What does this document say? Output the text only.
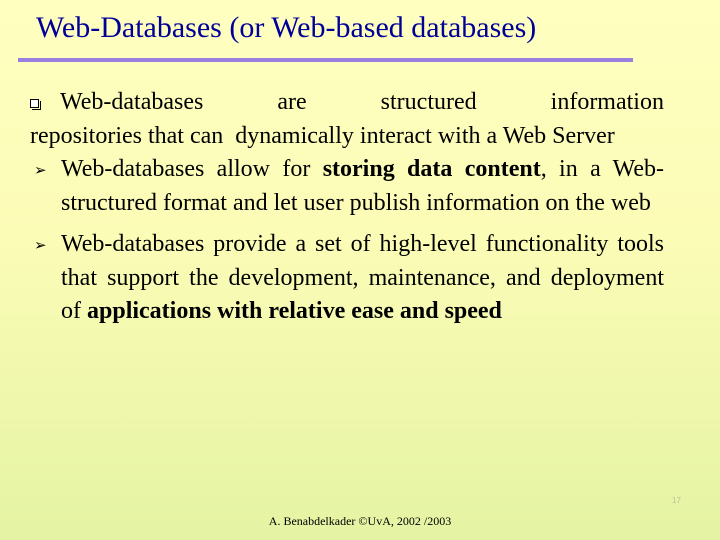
Web-Databases (or Web-based databases)
Web-databases	are	structured	information
repositories that can  dynamically interact with a Web Server
➢ Web-databases allow for storing data content, in a Web-structured format and let user publish information on the web
➢ Web-databases provide a set of high-level functionality tools that support the development, maintenance, and deployment of applications with relative ease and speed
17
A. Benabdelkader ©UvA, 2002 /2003
